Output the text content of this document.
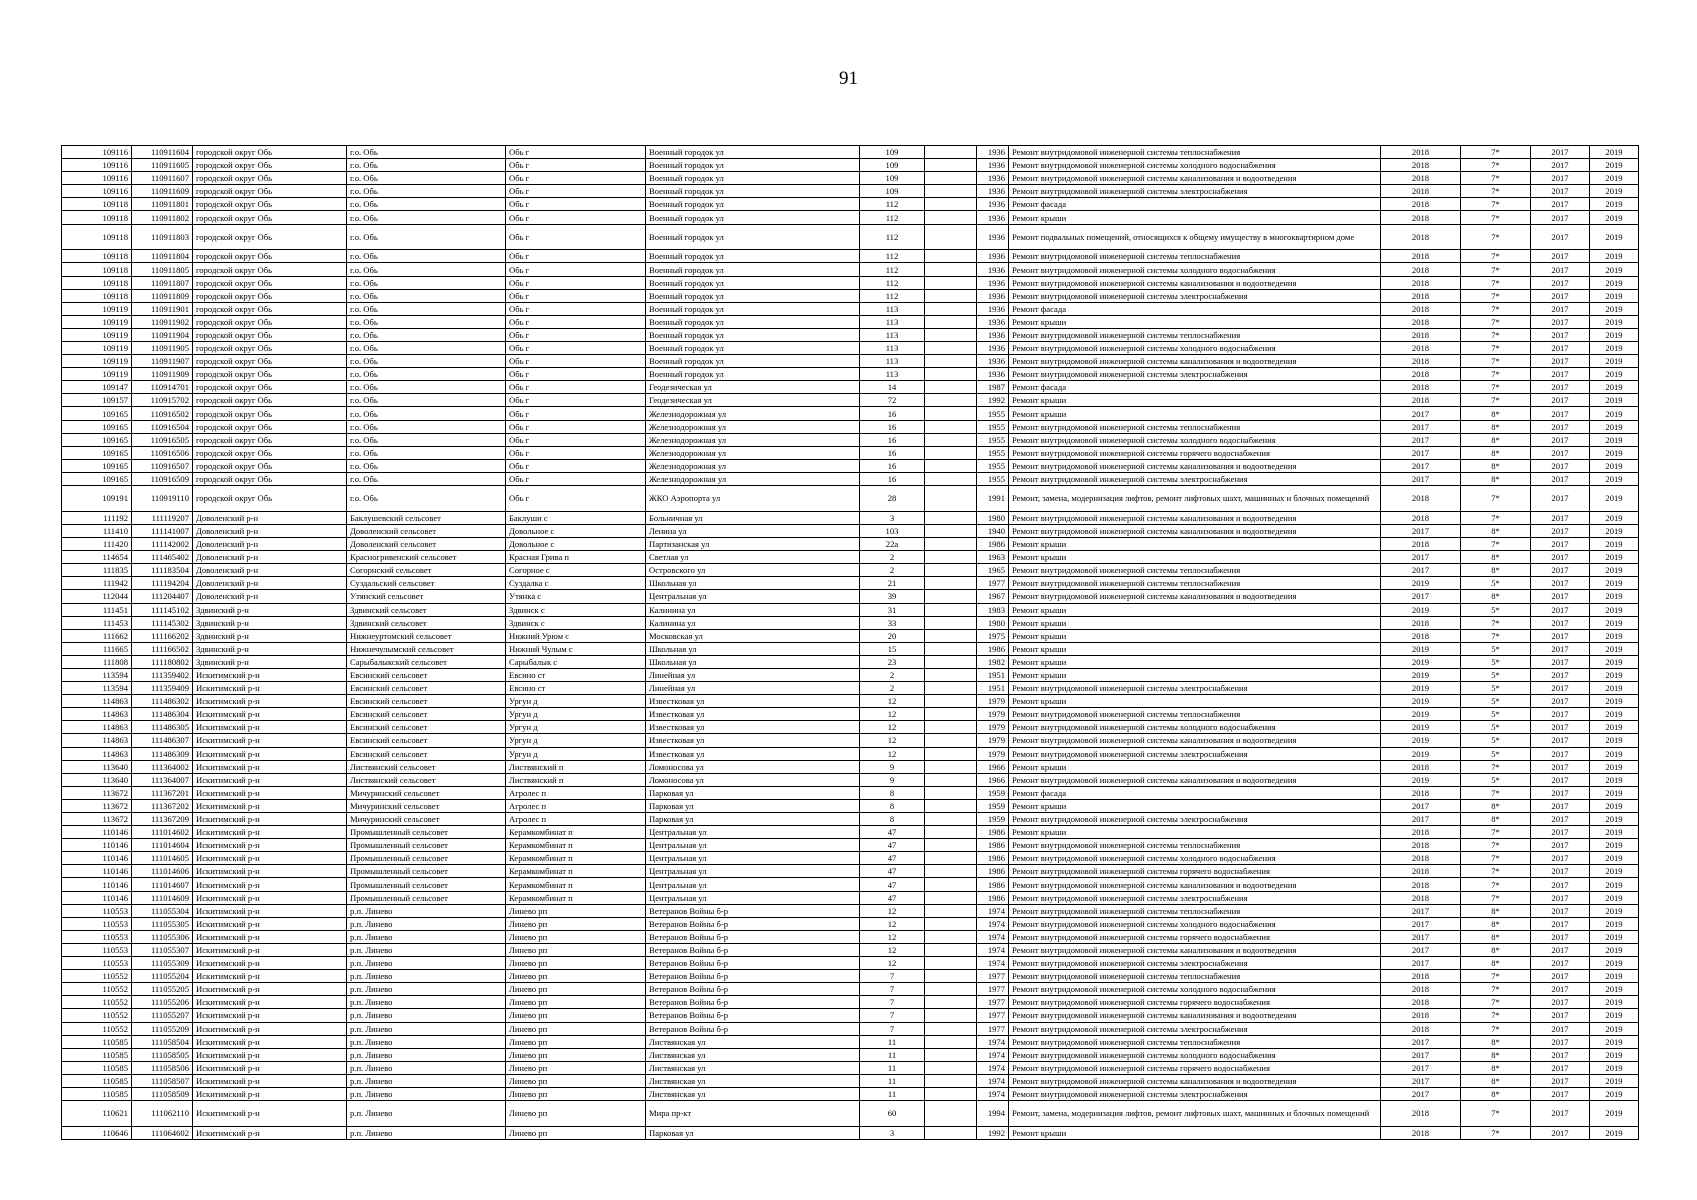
91
109116	110911604	городской округ Обь	г.о. Обь	Обь г	Военный городок ул	109		1936	Ремонт внутридомовой инженерной системы теплоснабжения	2018	7*	2017	2019
109116	110911605	городской округ Обь	г.о. Обь	Обь г	Военный городок ул	109		1936	Ремонт внутридомовой инженерной системы холодного водоснабжения	2018	7*	2017	2019
109116	110911607	городской округ Обь	г.о. Обь	Обь г	Военный городок ул	109		1936	Ремонт внутридомовой инженерной системы канализования и водоотведения	2018	7*	2017	2019
109116	110911609	городской округ Обь	г.о. Обь	Обь г	Военный городок ул	109		1936	Ремонт внутридомовой инженерной системы электроснабжения	2018	7*	2017	2019
109118	110911801	городской округ Обь	г.о. Обь	Обь г	Военный городок ул	112		1936	Ремонт фасада	2018	7*	2017	2019
109118	110911802	городской округ Обь	г.о. Обь	Обь г	Военный городок ул	112		1936	Ремонт крыши	2018	7*	2017	2019
109118	110911803	городской округ Обь	г.о. Обь	Обь г	Военный городок ул	112		1936	Ремонт подвальных помещений, относящихся к общему имуществу в многоквартирном доме	2018	7*	2017	2019
109118	110911804	городской округ Обь	г.о. Обь	Обь г	Военный городок ул	112		1936	Ремонт внутридомовой инженерной системы теплоснабжения	2018	7*	2017	2019
109118	110911805	городской округ Обь	г.о. Обь	Обь г	Военный городок ул	112		1936	Ремонт внутридомовой инженерной системы холодного водоснабжения	2018	7*	2017	2019
109118	110911807	городской округ Обь	г.о. Обь	Обь г	Военный городок ул	112		1936	Ремонт внутридомовой инженерной системы канализования и водоотведения	2018	7*	2017	2019
109118	110911809	городской округ Обь	г.о. Обь	Обь г	Военный городок ул	112		1936	Ремонт внутридомовой инженерной системы электроснабжения	2018	7*	2017	2019
109119	110911901	городской округ Обь	г.о. Обь	Обь г	Военный городок ул	113		1936	Ремонт фасада	2018	7*	2017	2019
109119	110911902	городской округ Обь	г.о. Обь	Обь г	Военный городок ул	113		1936	Ремонт крыши	2018	7*	2017	2019
109119	110911904	городской округ Обь	г.о. Обь	Обь г	Военный городок ул	113		1936	Ремонт внутридомовой инженерной системы теплоснабжения	2018	7*	2017	2019
109119	110911905	городской округ Обь	г.о. Обь	Обь г	Военный городок ул	113		1936	Ремонт внутридомовой инженерной системы холодного водоснабжения	2018	7*	2017	2019
109119	110911907	городской округ Обь	г.о. Обь	Обь г	Военный городок ул	113		1936	Ремонт внутридомовой инженерной системы канализования и водоотведения	2018	7*	2017	2019
109119	110911909	городской округ Обь	г.о. Обь	Обь г	Военный городок ул	113		1936	Ремонт внутридомовой инженерной системы электроснабжения	2018	7*	2017	2019
109147	110914701	городской округ Обь	г.о. Обь	Обь г	Геодезическая ул	14		1987	Ремонт фасада	2018	7*	2017	2019
109157	110915702	городской округ Обь	г.о. Обь	Обь г	Геодезическая ул	72		1992	Ремонт крыши	2018	7*	2017	2019
109165	110916502	городской округ Обь	г.о. Обь	Обь г	Железнодорожная ул	16		1955	Ремонт крыши	2017	8*	2017	2019
109165	110916504	городской округ Обь	г.о. Обь	Обь г	Железнодорожная ул	16		1955	Ремонт внутридомовой инженерной системы теплоснабжения	2017	8*	2017	2019
109165	110916505	городской округ Обь	г.о. Обь	Обь г	Железнодорожная ул	16		1955	Ремонт внутридомовой инженерной системы холодного водоснабжения	2017	8*	2017	2019
109165	110916506	городской округ Обь	г.о. Обь	Обь г	Железнодорожная ул	16		1955	Ремонт внутридомовой инженерной системы горячего водоснабжения	2017	8*	2017	2019
109165	110916507	городской округ Обь	г.о. Обь	Обь г	Железнодорожная ул	16		1955	Ремонт внутридомовой инженерной системы канализования и водоотведения	2017	8*	2017	2019
109165	110916509	городской округ Обь	г.о. Обь	Обь г	Железнодорожная ул	16		1955	Ремонт внутридомовой инженерной системы электроснабжения	2017	8*	2017	2019
109191	110919110	городской округ Обь	г.о. Обь	Обь г	ЖКО Аэропорта ул	28		1991	Ремонт, замена, модернизация лифтов, ремонт лифтовых шахт, машинных и блочных помещений	2018	7*	2017	2019
111192	111119207	Доволенский р-н	Баклушевский сельсовет	Баклуши с	Больничная ул	3		1980	Ремонт внутридомовой инженерной системы канализования и водоотведения	2018	7*	2017	2019
111410	111141007	Доволенский р-н	Доволенский сельсовет	Довольное с	Ленина ул	103		1940	Ремонт внутридомовой инженерной системы канализования и водоотведения	2017	8*	2017	2019
111420	111142002	Доволенский р-н	Доволенский сельсовет	Довольное с	Партизанская ул	22а		1986	Ремонт крыши	2018	7*	2017	2019
114654	111465402	Доволенский р-н	Красногривенский сельсовет	Красная Грива п	Светлая ул	2		1963	Ремонт крыши	2017	8*	2017	2019
111835	111183504	Доволенский р-н	Согорнский сельсовет	Согорное с	Островского ул	2		1965	Ремонт внутридомовой инженерной системы теплоснабжения	2017	8*	2017	2019
111942	111194204	Доволенский р-н	Суздальский сельсовет	Суздалка с	Школьная ул	21		1977	Ремонт внутридомовой инженерной системы теплоснабжения	2019	5*	2017	2019
112044	111204407	Доволенский р-н	Утянский сельсовет	Утянка с	Центральная ул	39		1967	Ремонт внутридомовой инженерной системы канализования и водоотведения	2017	8*	2017	2019
111451	111145102	Здвинский р-н	Здвинский сельсовет	Здвинск с	Калинина ул	31		1983	Ремонт крыши	2019	5*	2017	2019
111453	111145302	Здвинский р-н	Здвинский сельсовет	Здвинск с	Калинина ул	33		1980	Ремонт крыши	2018	7*	2017	2019
111662	111166202	Здвинский р-н	Нижнеуртомский сельсовет	Нижний Урюм с	Московская ул	20		1975	Ремонт крыши	2018	7*	2017	2019
111665	111166502	Здвинский р-н	Нижнечулымский сельсовет	Нижний Чулым с	Школьная ул	15		1986	Ремонт крыши	2019	5*	2017	2019
111808	111180802	Здвинский р-н	Сарыбалыкский сельсовет	Сарыбалык с	Школьная ул	23		1982	Ремонт крыши	2019	5*	2017	2019
113594	111359402	Искитимский р-н	Евсинский сельсовет	Евсино ст	Линейная ул	2		1951	Ремонт крыши	2019	5*	2017	2019
113594	111359409	Искитимский р-н	Евсинский сельсовет	Евсино ст	Линейная ул	2		1951	Ремонт внутридомовой инженерной системы электроснабжения	2019	5*	2017	2019
114863	111486302	Искитимский р-н	Евсинский сельсовет	Ургун д	Известковая ул	12		1979	Ремонт крыши	2019	5*	2017	2019
114863	111486304	Искитимский р-н	Евсинский сельсовет	Ургун д	Известковая ул	12		1979	Ремонт внутридомовой инженерной системы теплоснабжения	2019	5*	2017	2019
114863	111486305	Искитимский р-н	Евсинский сельсовет	Ургун д	Известковая ул	12		1979	Ремонт внутридомовой инженерной системы холодного водоснабжения	2019	5*	2017	2019
114863	111486307	Искитимский р-н	Евсинский сельсовет	Ургун д	Известковая ул	12		1979	Ремонт внутридомовой инженерной системы канализования и водоотведения	2019	5*	2017	2019
114863	111486309	Искитимский р-н	Евсинский сельсовет	Ургун д	Известковая ул	12		1979	Ремонт внутридомовой инженерной системы электроснабжения	2019	5*	2017	2019
113640	111364002	Искитимский р-н	Листвянский сельсовет	Листвянский п	Ломоносова ул	9		1966	Ремонт крыши	2018	7*	2017	2019
113640	111364007	Искитимский р-н	Листвянский сельсовет	Листвянский п	Ломоносова ул	9		1966	Ремонт внутридомовой инженерной системы канализования и водоотведения	2019	5*	2017	2019
113672	111367201	Искитимский р-н	Мичуринский сельсовет	Агролес п	Парковая ул	8		1959	Ремонт фасада	2018	7*	2017	2019
113672	111367202	Искитимский р-н	Мичуринский сельсовет	Агролес п	Парковая ул	8		1959	Ремонт крыши	2017	8*	2017	2019
113672	111367209	Искитимский р-н	Мичуринский сельсовет	Агролес п	Парковая ул	8		1959	Ремонт внутридомовой инженерной системы электроснабжения	2017	8*	2017	2019
110146	111014602	Искитимский р-н	Промышленный сельсовет	Керамкомбинат п	Центральная ул	47		1986	Ремонт крыши	2018	7*	2017	2019
110146	111014604	Искитимский р-н	Промышленный сельсовет	Керамкомбинат п	Центральная ул	47		1986	Ремонт внутридомовой инженерной системы теплоснабжения	2018	7*	2017	2019
110146	111014605	Искитимский р-н	Промышленный сельсовет	Керамкомбинат п	Центральная ул	47		1986	Ремонт внутридомовой инженерной системы холодного водоснабжения	2018	7*	2017	2019
110146	111014606	Искитимский р-н	Промышленный сельсовет	Керамкомбинат п	Центральная ул	47		1986	Ремонт внутридомовой инженерной системы горячего водоснабжения	2018	7*	2017	2019
110146	111014607	Искитимский р-н	Промышленный сельсовет	Керамкомбинат п	Центральная ул	47		1986	Ремонт внутридомовой инженерной системы канализования и водоотведения	2018	7*	2017	2019
110146	111014609	Искитимский р-н	Промышленный сельсовет	Керамкомбинат п	Центральная ул	47		1986	Ремонт внутридомовой инженерной системы электроснабжения	2018	7*	2017	2019
110553	111055304	Искитимский р-н	р.п. Линево	Линево рп	Ветеранов Войны б-р	12		1974	Ремонт внутридомовой инженерной системы теплоснабжения	2017	8*	2017	2019
110553	111055305	Искитимский р-н	р.п. Линево	Линево рп	Ветеранов Войны б-р	12		1974	Ремонт внутридомовой инженерной системы холодного водоснабжения	2017	8*	2017	2019
110553	111055306	Искитимский р-н	р.п. Линево	Линево рп	Ветеранов Войны б-р	12		1974	Ремонт внутридомовой инженерной системы горячего водоснабжения	2017	8*	2017	2019
110553	111055307	Искитимский р-н	р.п. Линево	Линево рп	Ветеранов Войны б-р	12		1974	Ремонт внутридомовой инженерной системы канализования и водоотведения	2017	8*	2017	2019
110553	111055309	Искитимский р-н	р.п. Линево	Линево рп	Ветеранов Войны б-р	12		1974	Ремонт внутридомовой инженерной системы электроснабжения	2017	8*	2017	2019
110552	111055204	Искитимский р-н	р.п. Линево	Линево рп	Ветеранов Войны б-р	7		1977	Ремонт внутридомовой инженерной системы теплоснабжения	2018	7*	2017	2019
110552	111055205	Искитимский р-н	р.п. Линево	Линево рп	Ветеранов Войны б-р	7		1977	Ремонт внутридомовой инженерной системы холодного водоснабжения	2018	7*	2017	2019
110552	111055206	Искитимский р-н	р.п. Линево	Линево рп	Ветеранов Войны б-р	7		1977	Ремонт внутридомовой инженерной системы горячего водоснабжения	2018	7*	2017	2019
110552	111055207	Искитимский р-н	р.п. Линево	Линево рп	Ветеранов Войны б-р	7		1977	Ремонт внутридомовой инженерной системы канализования и водоотведения	2018	7*	2017	2019
110552	111055209	Искитимский р-н	р.п. Линево	Линево рп	Ветеранов Войны б-р	7		1977	Ремонт внутридомовой инженерной системы электроснабжения	2018	7*	2017	2019
110585	111058504	Искитимский р-н	р.п. Линево	Линево рп	Листвянская ул	11		1974	Ремонт внутридомовой инженерной системы теплоснабжения	2017	8*	2017	2019
110585	111058505	Искитимский р-н	р.п. Линево	Линево рп	Листвянская ул	11		1974	Ремонт внутридомовой инженерной системы холодного водоснабжения	2017	8*	2017	2019
110585	111058506	Искитимский р-н	р.п. Линево	Линево рп	Листвянская ул	11		1974	Ремонт внутридомовой инженерной системы горячего водоснабжения	2017	8*	2017	2019
110585	111058507	Искитимский р-н	р.п. Линево	Линево рп	Листвянская ул	11		1974	Ремонт внутридомовой инженерной системы канализования и водоотведения	2017	8*	2017	2019
110585	111058509	Искитимский р-н	р.п. Линево	Линево рп	Листвянская ул	11		1974	Ремонт внутридомовой инженерной системы электроснабжения	2017	8*	2017	2019
110621	111062110	Искитимский р-н	р.п. Линево	Линево рп	Мира пр-кт	60		1994	Ремонт, замена, модернизация лифтов, ремонт лифтовых шахт, машинных и блочных помещений	2018	7*	2017	2019
110646	111064602	Искитимский р-н	р.п. Линево	Линево рп	Парковая ул	3		1992	Ремонт крыши	2018	7*	2017	2019
